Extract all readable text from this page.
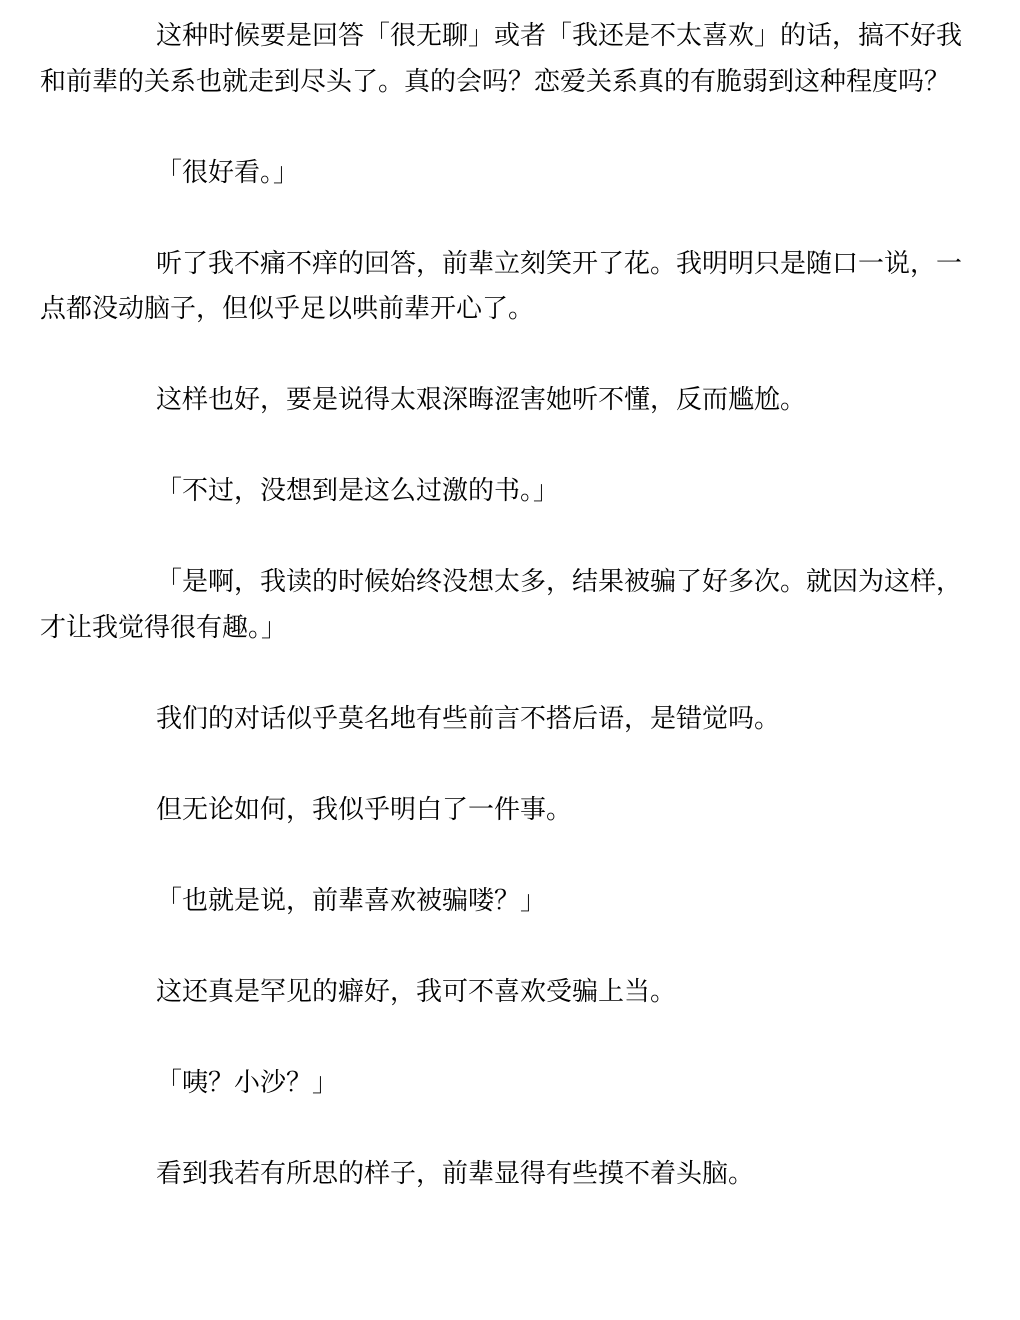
这种时候要是回答「很无聊」或者「我还是不太喜欢」的话，搞不好我和前辈的关系也就走到尽头了。真的会吗？恋爱关系真的有脆弱到这种程度吗？

「很好看。」

听了我不痛不痒的回答，前辈立刻笑开了花。我明明只是随口一说，一点都没动脑子，但似乎足以哄前辈开心了。

这样也好，要是说得太艰深晦涩害她听不懂，反而尴尬。

「不过，没想到是这么过激的书。」

「是啊，我读的时候始终没想太多，结果被骗了好多次。就因为这样，才让我觉得很有趣。」

我们的对话似乎莫名地有些前言不搭后语，是错觉吗。

但无论如何，我似乎明白了一件事。

「也就是说，前辈喜欢被骗喽？」

这还真是罕见的癖好，我可不喜欢受骗上当。

「咦？小沙？」

看到我若有所思的样子，前辈显得有些摸不着头脑。
